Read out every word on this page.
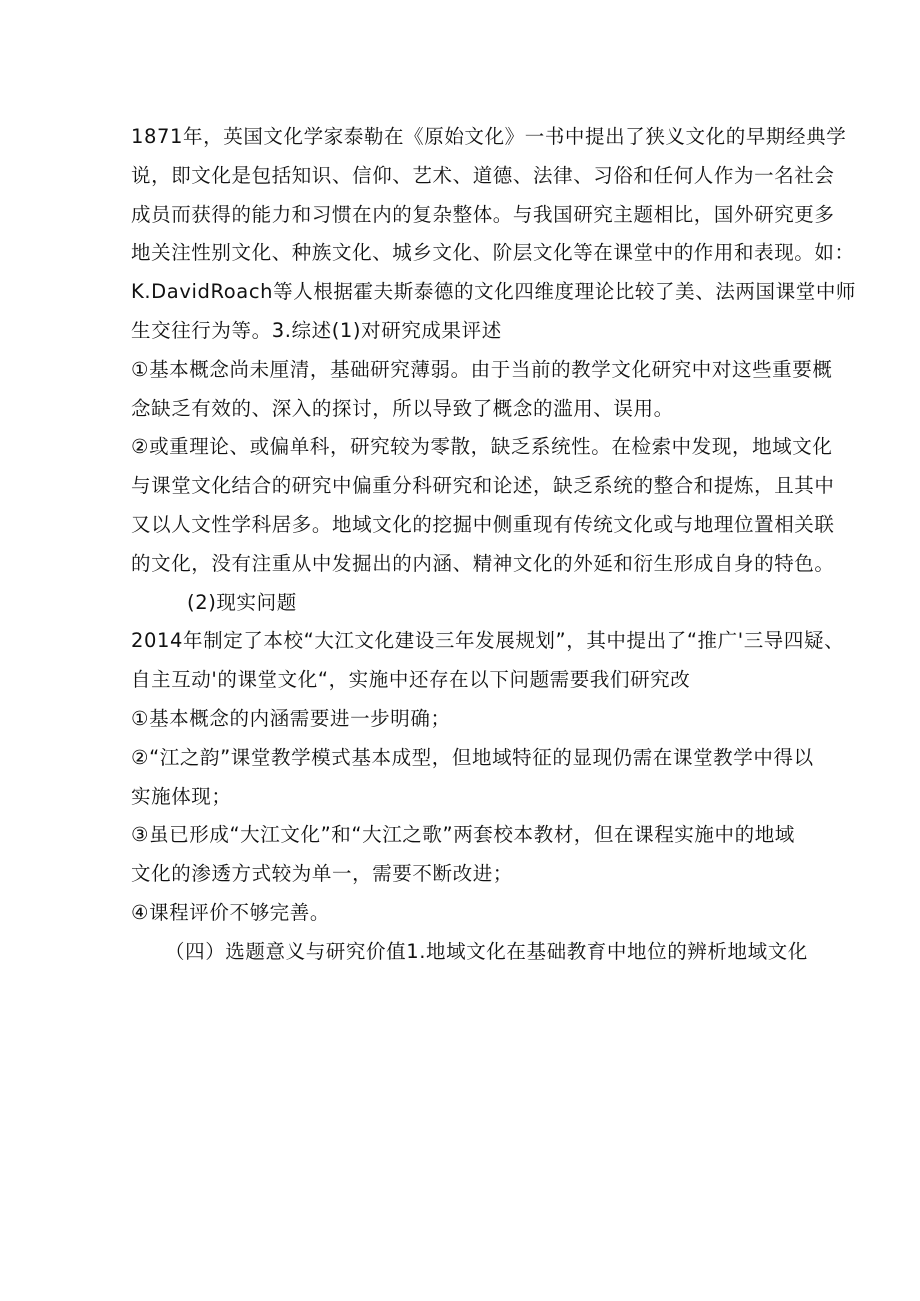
1871年，英国文化学家泰勒在《原始文化》一书中提出了狭义文化的早期经典学
说，即文化是包括知识、信仰、艺术、道德、法律、习俗和任何人作为一名社会
成员而获得的能力和习惯在内的复杂整体。与我国研究主题相比，国外研究更多
地关注性别文化、种族文化、城乡文化、阶层文化等在课堂中的作用和表现。如：
K.DavidRoach等人根据霍夫斯泰德的文化四维度理论比较了美、法两国课堂中师
生交往行为等。3.综述(1)对研究成果评述
①基本概念尚未厘清，基础研究薄弱。由于当前的教学文化研究中对这些重要概
念缺乏有效的、深入的探讨，所以导致了概念的滥用、误用。
②或重理论、或偏单科，研究较为零散，缺乏系统性。在检索中发现，地域文化
与课堂文化结合的研究中偏重分科研究和论述，缺乏系统的整合和提炼，且其中
又以人文性学科居多。地域文化的挖掘中侧重现有传统文化或与地理位置相关联
的文化，没有注重从中发掘出的内涵、精神文化的外延和衍生形成自身的特色。
(2)现实问题
2014年制定了本校“大江文化建设三年发展规划”，其中提出了“推广'三导四疑、
自主互动'的课堂文化“，实施中还存在以下问题需要我们研究改
①基本概念的内涵需要进一步明确；
②“江之韵”课堂教学模式基本成型，但地域特征的显现仍需在课堂教学中得以
实施体现；
③虽已形成“大江文化”和“大江之歌”两套校本教材，但在课程实施中的地域
文化的渗透方式较为单一，需要不断改进；
④课程评价不够完善。
（四）选题意义与研究价值1.地域文化在基础教育中地位的辨析地域文化
